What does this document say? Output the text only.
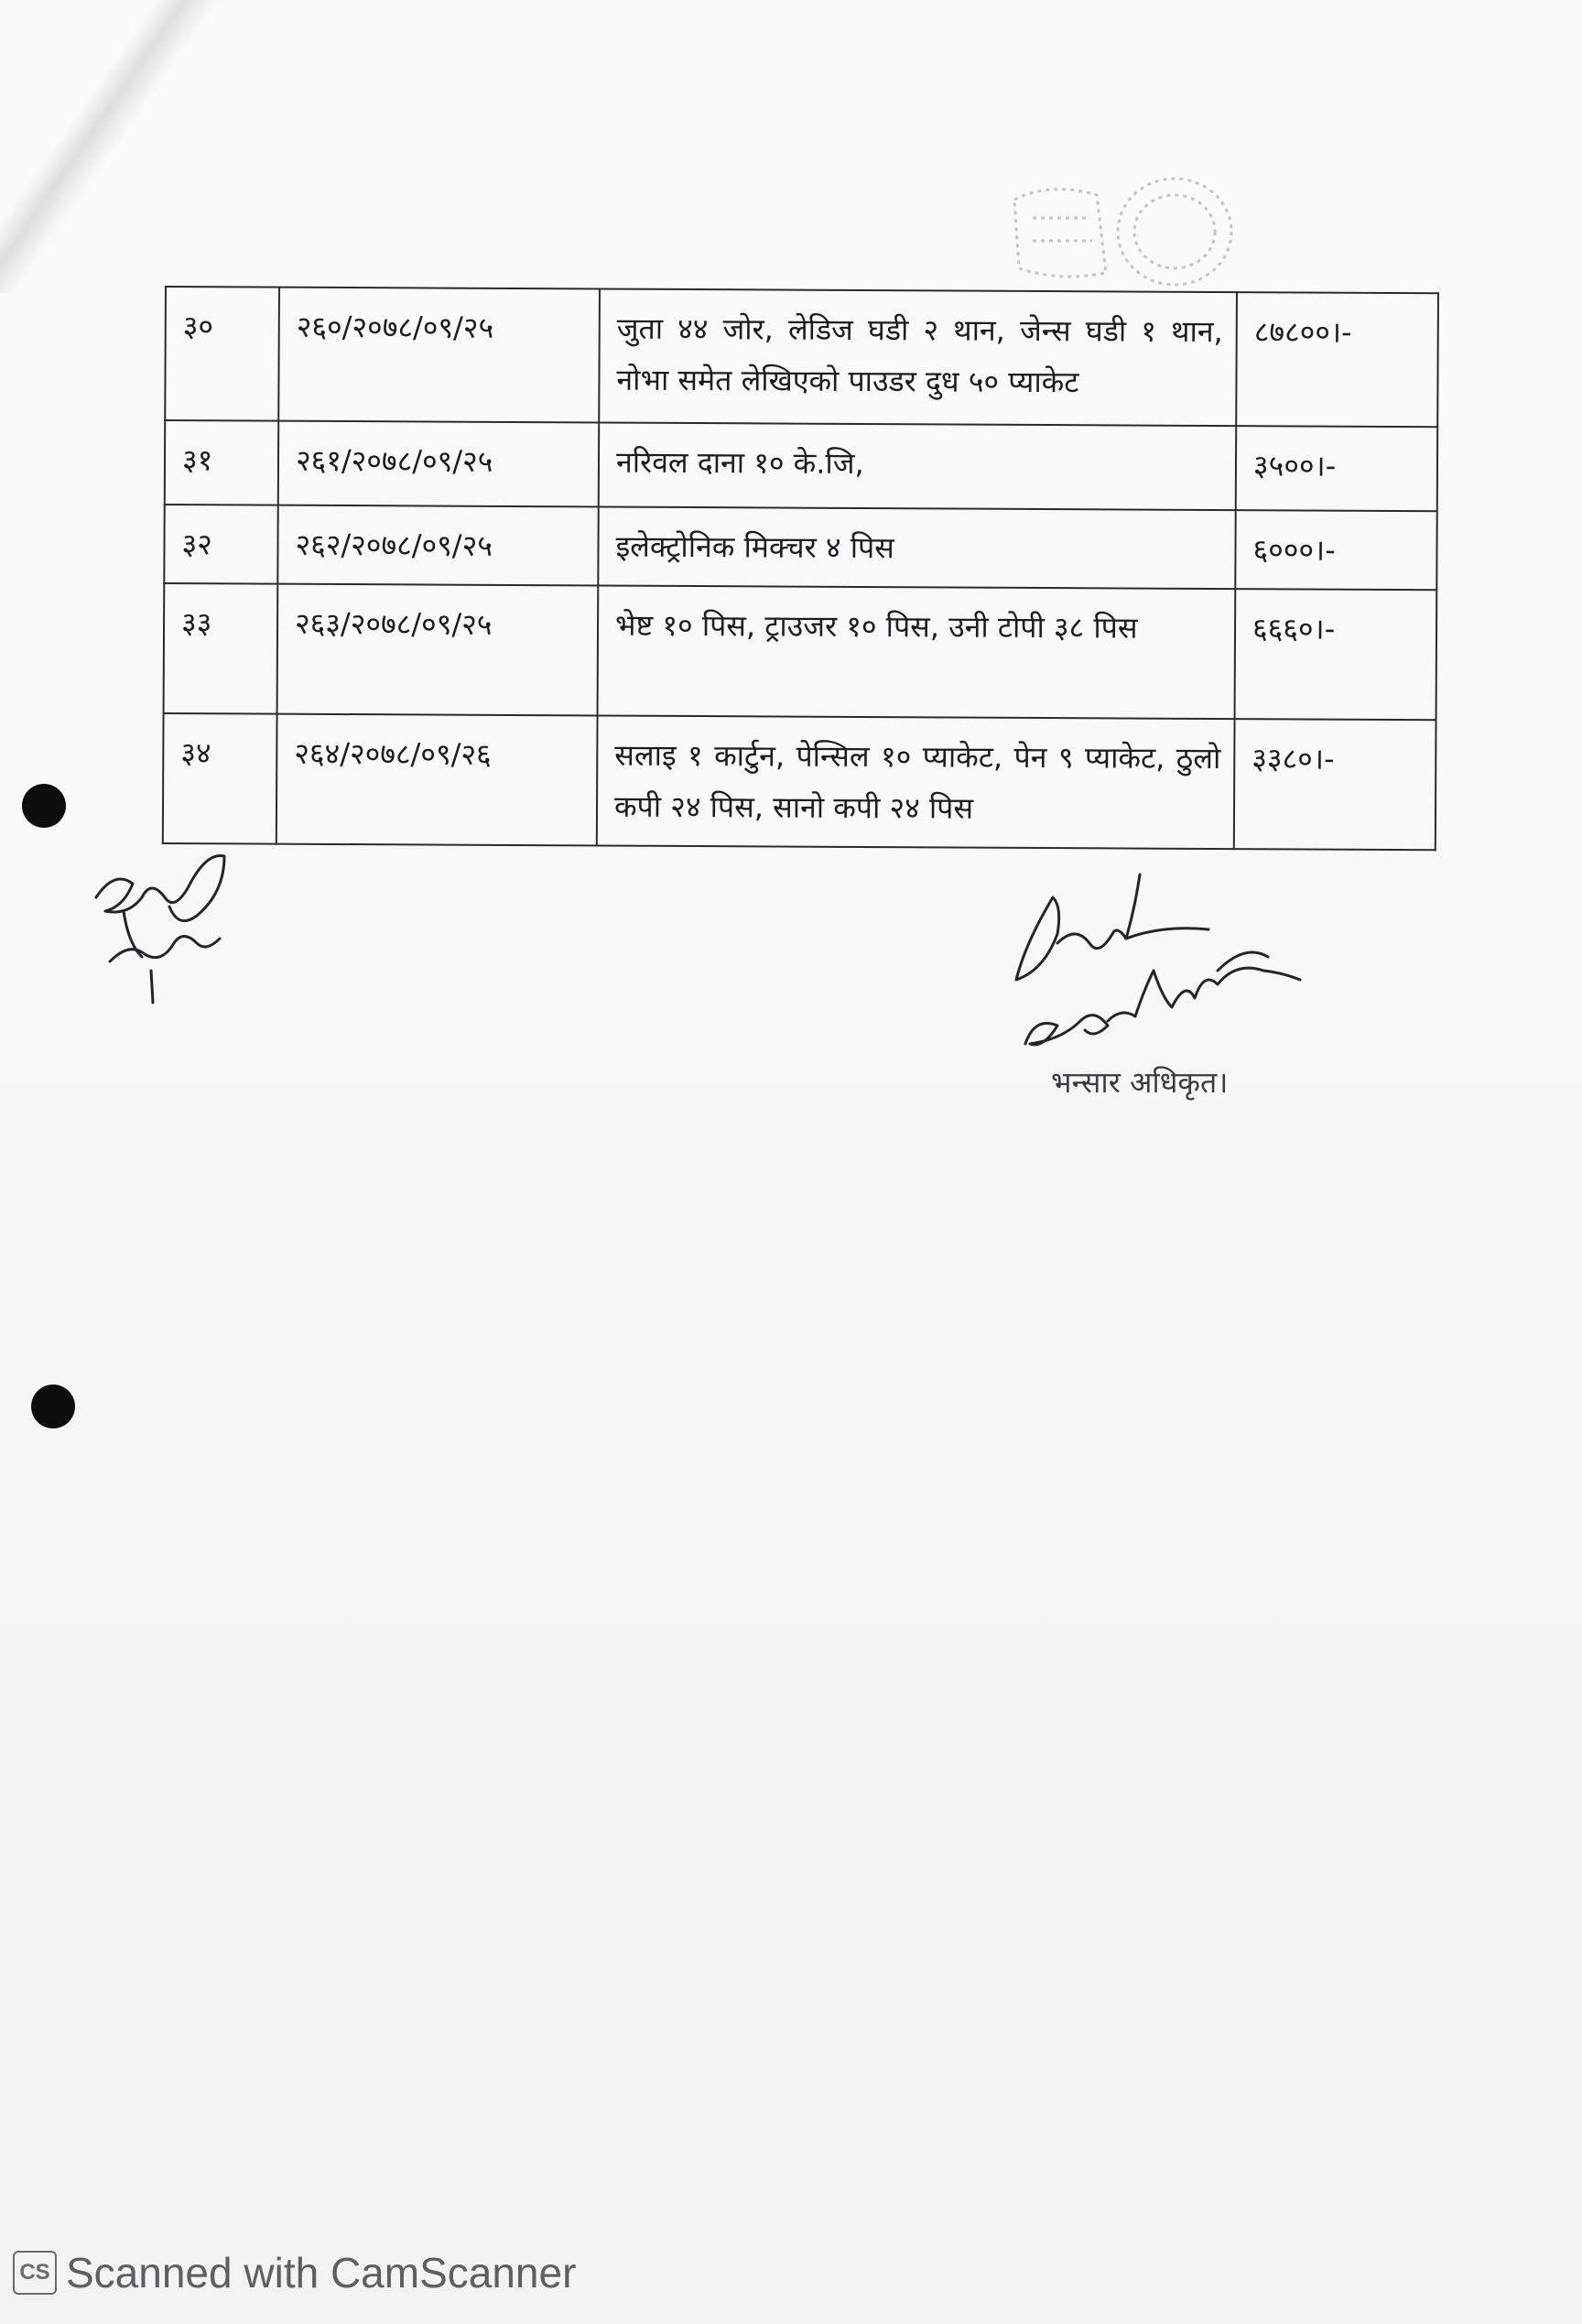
३०	२६०/२०७८/०९/२५	जुता ४४ जोर, लेडिज घडी २ थान, जेन्स घडी १ थान, नोभा समेत लेखिएको पाउडर दुध ५० प्याकेट	८७८००।-
३१	२६१/२०७८/०९/२५	नरिवल दाना १० के.जि,	३५००।-
३२	२६२/२०७८/०९/२५	इलेक्ट्रोनिक मिक्चर ४ पिस	६०००।-
३३	२६३/२०७८/०९/२५	भेष्ट १० पिस, ट्राउजर १० पिस, उनी टोपी ३८ पिस	६६६०।-
३४	२६४/२०७८/०९/२६	सलाइ १ कार्टुन, पेन्सिल १० प्याकेट, पेन ९ प्याकेट, ठुलो कपी २४ पिस, सानो कपी २४ पिस	३३८०।-
भन्सार अधिकृत।
CS Scanned with CamScanner
